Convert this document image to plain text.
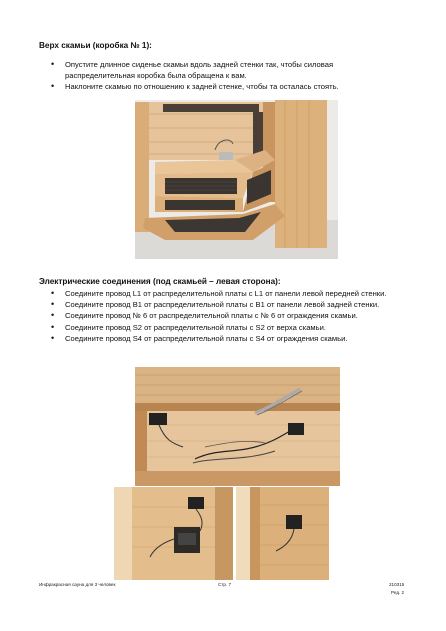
Верх скамьи (коробка № 1):
• Опустите длинное сиденье скамьи вдоль задней стенки так, чтобы силовая распределительная коробка была обращена к вам.
• Наклоните скамью по отношению к задней стенке, чтобы та осталась стоять.
Электрические соединения (под скамьей – левая сторона):
• Соедините провод L1 от распределительной платы с L1 от панели левой передней стенки.
• Соедините провод B1 от распределительной платы с B1 от панели левой задней стенки.
• Соедините провод № 6 от распределительной платы с № 6 от ограждения скамьи.
• Соедините провод S2 от распределительной платы с S2 от верха скамьи.
• Соедините провод S4 от распределительной платы с S4 от ограждения скамьи.
Инфракрасная сауна для 3 человек	Стр. 7	210315
Ред. 2
